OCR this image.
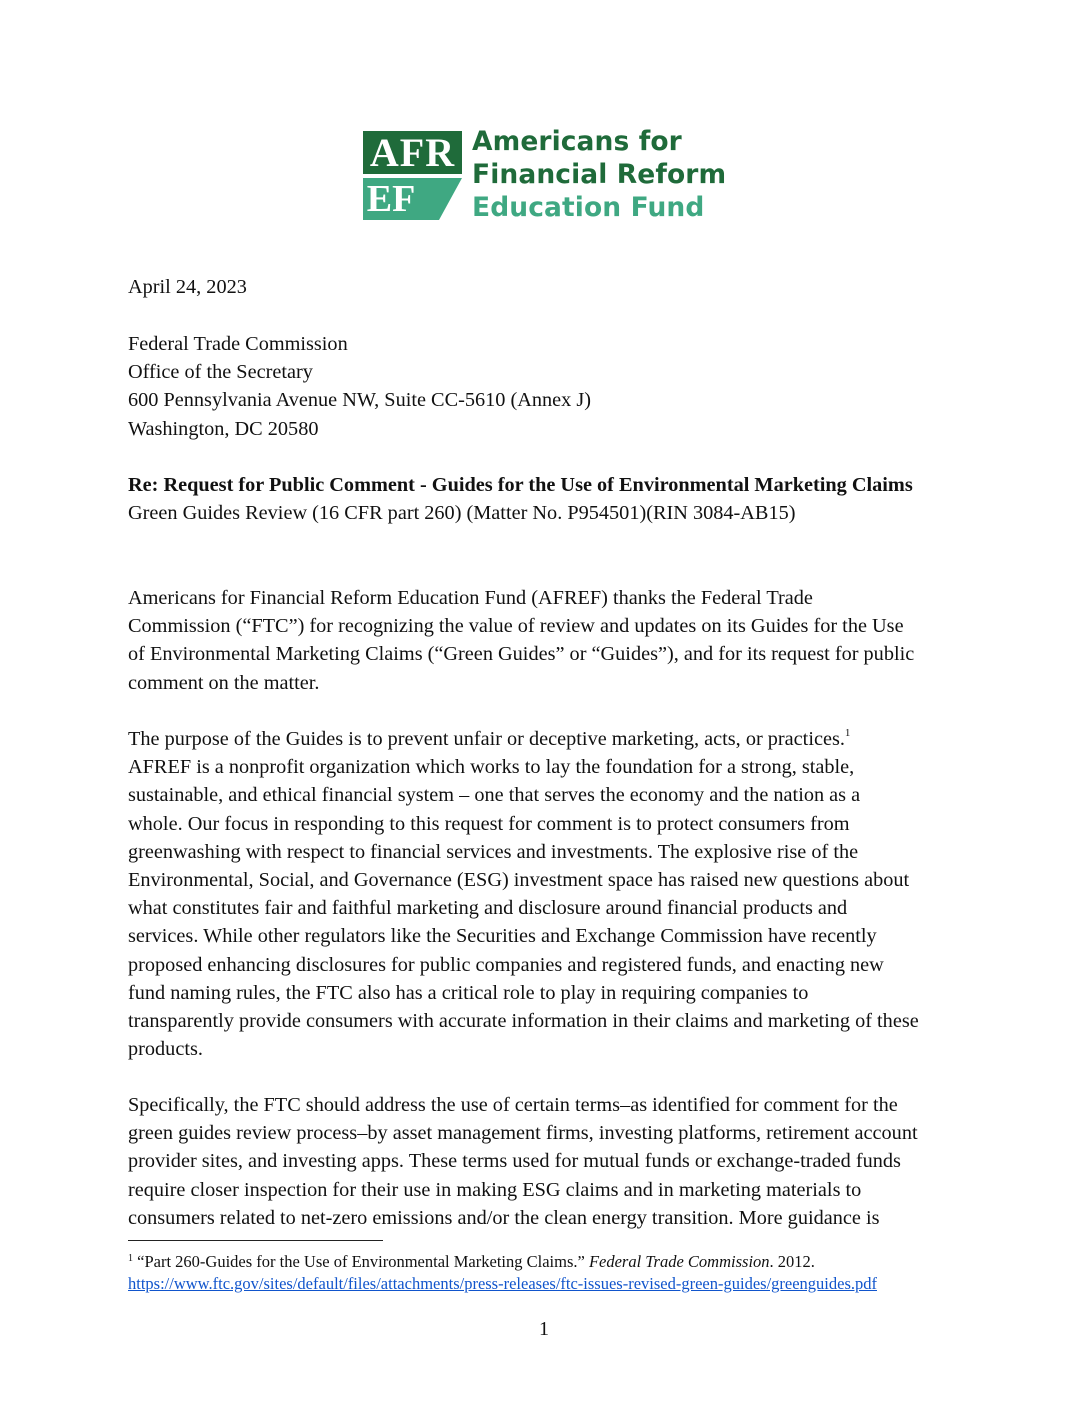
AFR
EF
Americans for
Financial Reform
Education Fund
April 24, 2023

Federal Trade Commission

Office of the Secretary

600 Pennsylvania Avenue NW, Suite CC-5610 (Annex J)

Washington, DC 20580

Re: Request for Public Comment - Guides for the Use of Environmental Marketing Claims

Green Guides Review (16 CFR part 260) (Matter No. P954501)(RIN 3084-AB15)

Americans for Financial Reform Education Fund (AFREF) thanks the Federal Trade

Commission (“FTC”) for recognizing the value of review and updates on its Guides for the Use

of Environmental Marketing Claims (“Green Guides” or “Guides”), and for its request for public

comment on the matter.

The purpose of the Guides is to prevent unfair or deceptive marketing, acts, or practices.$^1$

AFREF is a nonprofit organization which works to lay the foundation for a strong, stable,

sustainable, and ethical financial system – one that serves the economy and the nation as a

whole. Our focus in responding to this request for comment is to protect consumers from

greenwashing with respect to financial services and investments. The explosive rise of the

Environmental, Social, and Governance (ESG) investment space has raised new questions about

what constitutes fair and faithful marketing and disclosure around financial products and

services. While other regulators like the Securities and Exchange Commission have recently

proposed enhancing disclosures for public companies and registered funds, and enacting new

fund naming rules, the FTC also has a critical role to play in requiring companies to

transparently provide consumers with accurate information in their claims and marketing of these

products.

Specifically, the FTC should address the use of certain terms–as identified for comment for the

green guides review process–by asset management firms, investing platforms, retirement account

provider sites, and investing apps. These terms used for mutual funds or exchange-traded funds

require closer inspection for their use in making ESG claims and in marketing materials to

consumers related to net-zero emissions and/or the clean energy transition. More guidance is

$^1$ “Part 260-Guides for the Use of Environmental Marketing Claims.” Federal Trade Commission. 2012.
https://www.ftc.gov/sites/default/files/attachments/press-releases/ftc-issues-revised-green-guides/greenguides.pdf
1
